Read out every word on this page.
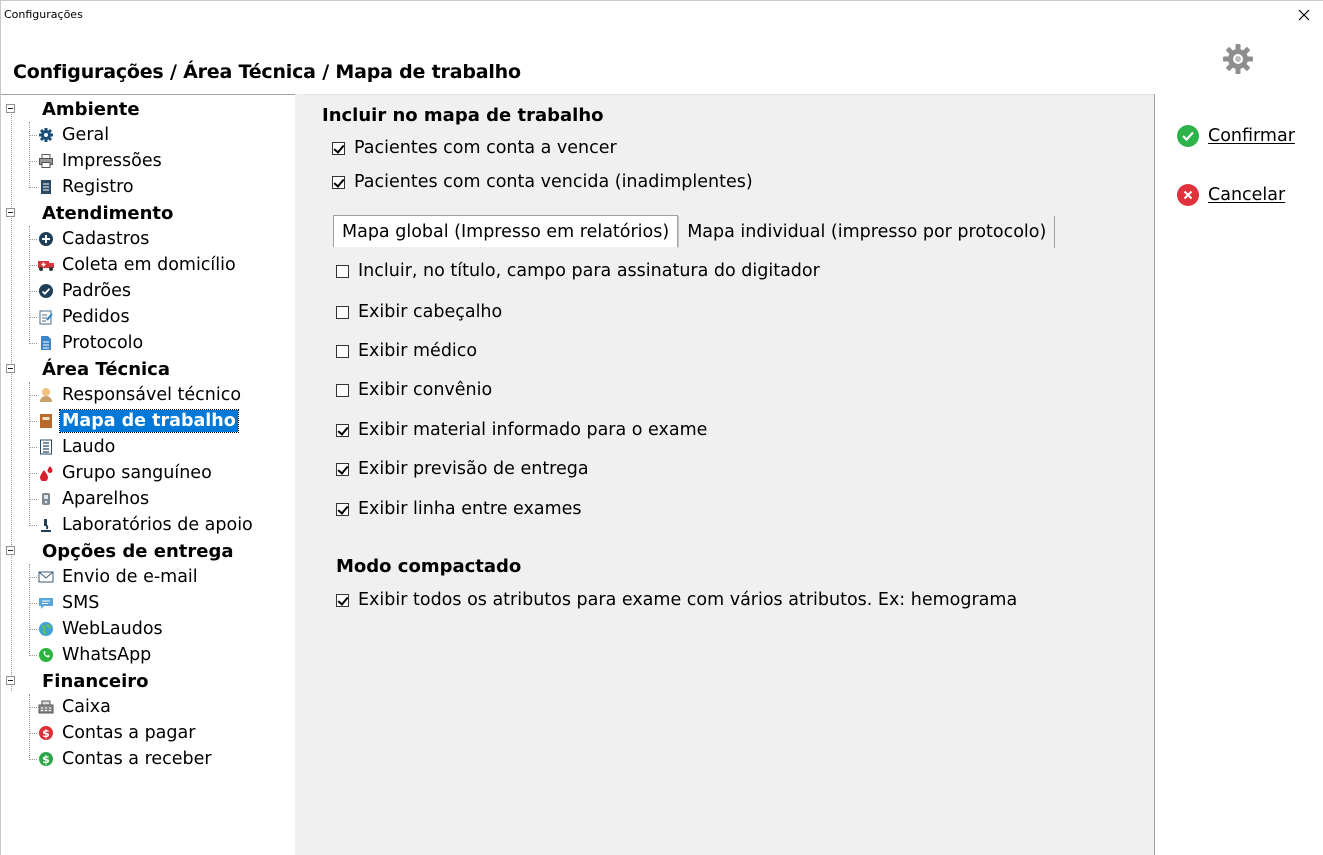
Configurações
Configurações / Área Técnica / Mapa de trabalho
Ambiente
Geral
Impressões
Registro
Atendimento
Cadastros
Coleta em domicílio
Padrões
Pedidos
Protocolo
Área Técnica
Responsável técnico
Mapa de trabalho
Laudo
Grupo sanguíneo
Aparelhos
Laboratórios de apoio
Opções de entrega
Envio de e-mail
SMS
WebLaudos
WhatsApp
Financeiro
Caixa
$ Contas a pagar
$ Contas a receber
Incluir no mapa de trabalho
Pacientes com conta a vencer
Pacientes com conta vencida (inadimplentes)
Mapa global (Impresso em relatórios)	Mapa individual (impresso por protocolo)
Incluir, no título, campo para assinatura do digitador
Exibir cabeçalho
Exibir médico
Exibir convênio
Exibir material informado para o exame
Exibir previsão de entrega
Exibir linha entre exames
Modo compactado
Exibir todos os atributos para exame com vários atributos. Ex: hemograma
Confirmar
Cancelar
